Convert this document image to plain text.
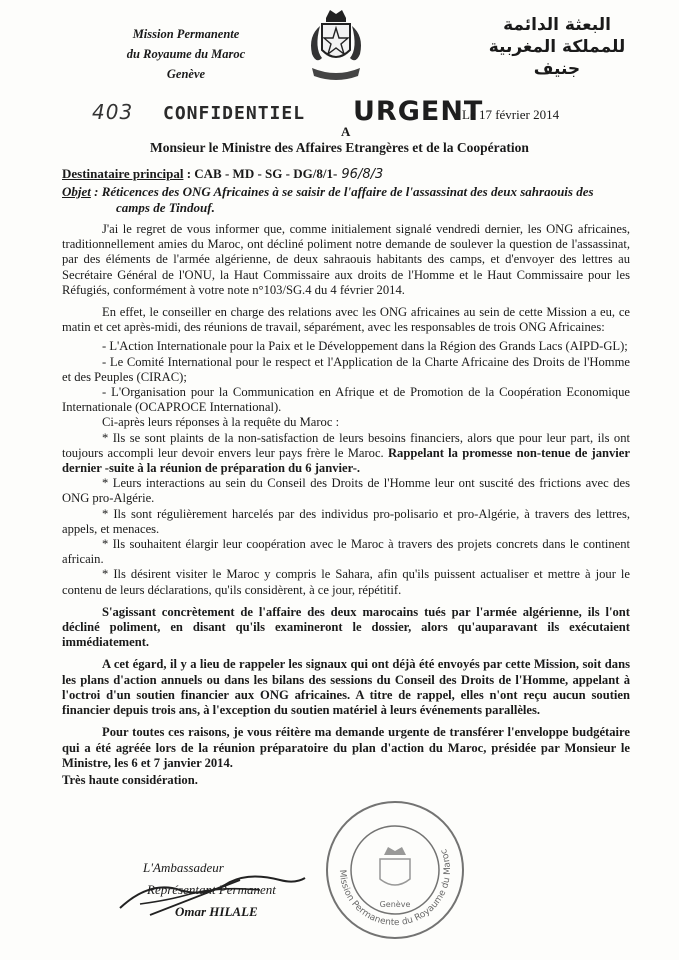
Mission Permanente
du Royaume du Maroc
Genève
البعثة الدائمة
للمملكة المغربية
جنيف
403 CONFIDENTIEL URGENT
Le 17 février 2014
A
Monsieur le Ministre des Affaires Etrangères et de la Coopération
Destinataire principal : CAB - MD - SG - DG/8/1- 96/8/3
Objet : Réticences des ONG Africaines à se saisir de l'affaire de l'assassinat des deux sahraouis des
camps de Tindouf.

J'ai le regret de vous informer que, comme initialement signalé vendredi dernier, les ONG africaines, traditionnellement amies du Maroc, ont décliné poliment notre demande de soulever la question de l'assassinat, par des éléments de l'armée algérienne, de deux sahraouis habitants des camps, et d'envoyer des lettres au Secrétaire Général de l'ONU, la Haut Commissaire aux droits de l'Homme et le Haut Commissaire pour les Réfugiés, conformément à votre note n°103/SG.4 du 4 février 2014.

En effet, le conseiller en charge des relations avec les ONG africaines au sein de cette Mission a eu, ce matin et cet après-midi, des réunions de travail, séparément, avec les responsables de trois ONG Africaines:

- L'Action Internationale pour la Paix et le Développement dans la Région des Grands Lacs (AIPD-GL);

- Le Comité International pour le respect et l'Application de la Charte Africaine des Droits de l'Homme et des Peuples (CIRAC);

- L'Organisation pour la Communication en Afrique et de Promotion de la Coopération Economique Internationale (OCAPROCE International).

Ci-après leurs réponses à la requête du Maroc :

* Ils se sont plaints de la non-satisfaction de leurs besoins financiers, alors que pour leur part, ils ont toujours accompli leur devoir envers leur pays frère le Maroc. Rappelant la promesse non-tenue de janvier dernier -suite à la réunion de préparation du 6 janvier-.

* Leurs interactions au sein du Conseil des Droits de l'Homme leur ont suscité des frictions avec des ONG pro-Algérie.

* Ils sont régulièrement harcelés par des individus pro-polisario et pro-Algérie, à travers des lettres, appels, et menaces.

* Ils souhaitent élargir leur coopération avec le Maroc à travers des projets concrets dans le continent africain.

* Ils désirent visiter le Maroc y compris le Sahara, afin qu'ils puissent actualiser et mettre à jour le contenu de leurs déclarations, qu'ils considèrent, à ce jour, répétitif.

S'agissant concrètement de l'affaire des deux marocains tués par l'armée algérienne, ils l'ont décliné poliment, en disant qu'ils examineront le dossier, alors qu'auparavant ils exécutaient immédiatement.

A cet égard, il y a lieu de rappeler les signaux qui ont déjà été envoyés par cette Mission, soit dans les plans d'action annuels ou dans les bilans des sessions du Conseil des Droits de l'Homme, appelant à l'octroi d'un soutien financier aux ONG africaines. A titre de rappel, elles n'ont reçu aucun soutien financier depuis trois ans, à l'exception du soutien matériel à leurs événements parallèles.

Pour toutes ces raisons, je vous réitère ma demande urgente de transférer l'enveloppe budgétaire qui a été agréée lors de la réunion préparatoire du plan d'action du Maroc, présidée par Monsieur le Ministre, les 6 et 7 janvier 2014.

Très haute considération.

Mission Permanente du Royaume du Maroc
Genève
L'Ambassadeur
Représentant Permanent
Omar HILALE
